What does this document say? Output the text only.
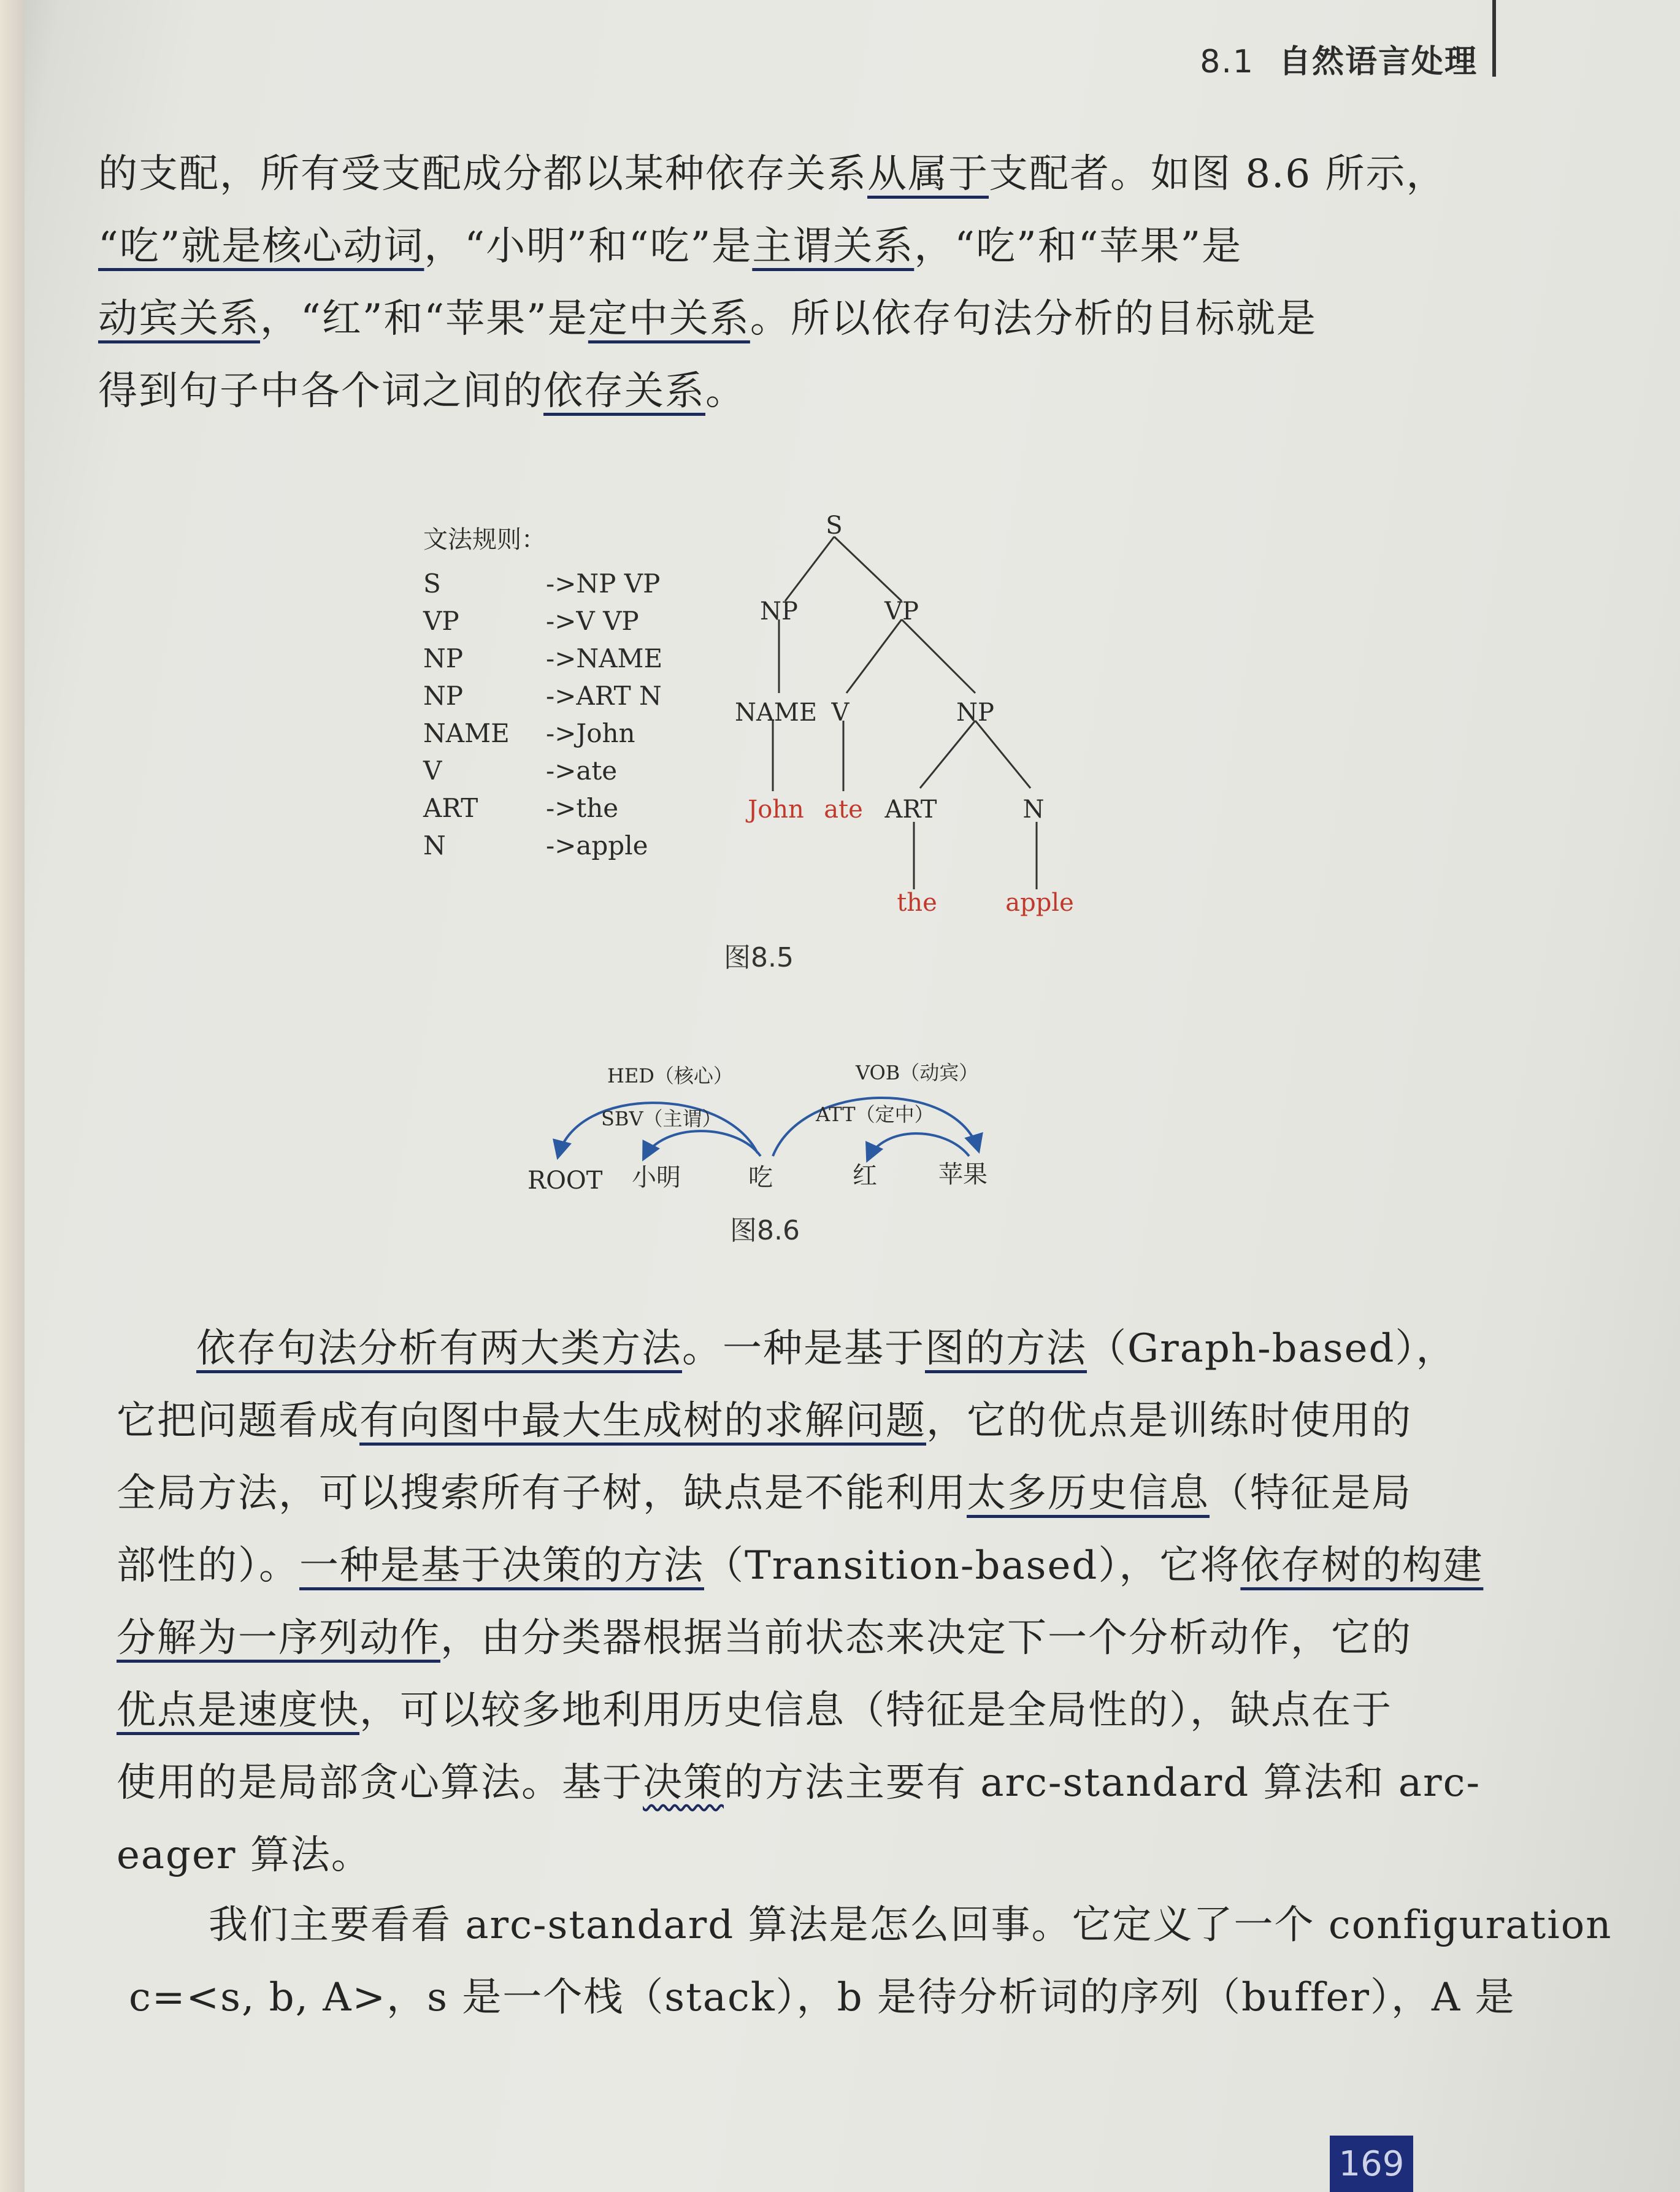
8.1 自然语言处理

的支配，所有受支配成分都以某种依存关系从属于支配者。如图 8.6 所示，

“吃”就是核心动词，“小明”和“吃”是主谓关系，“吃”和“苹果”是

动宾关系，“红”和“苹果”是定中关系。所以依存句法分析的目标就是

得到句子中各个词之间的依存关系。

文法规则：
S	->NP VP
VP	->V VP
NP	->NAME
NP	->ART N
NAME	->John
V	->ate
ART	->the
N	->apple
S
NP	VP
NAME V	NP
ART	N
John ate
the	apple
图8.5
HED（核心）
SBV（主谓）
VOB（动宾）
ATT（定中）
ROOT 小明	吃	红	苹果
图8.6

依存句法分析有两大类方法。一种是基于图的方法（Graph-based），

它把问题看成有向图中最大生成树的求解问题，它的优点是训练时使用的

全局方法，可以搜索所有子树，缺点是不能利用太多历史信息（特征是局

部性的）。一种是基于决策的方法（Transition-based），它将依存树的构建

分解为一序列动作，由分类器根据当前状态来决定下一个分析动作，它的

优点是速度快，可以较多地利用历史信息（特征是全局性的），缺点在于

使用的是局部贪心算法。基于决策的方法主要有 arc-standard 算法和 arc-

eager 算法。

我们主要看看 arc-standard 算法是怎么回事。它定义了一个 configuration

c=<s, b, A>，s 是一个栈（stack），b 是待分析词的序列（buffer），A 是

169
